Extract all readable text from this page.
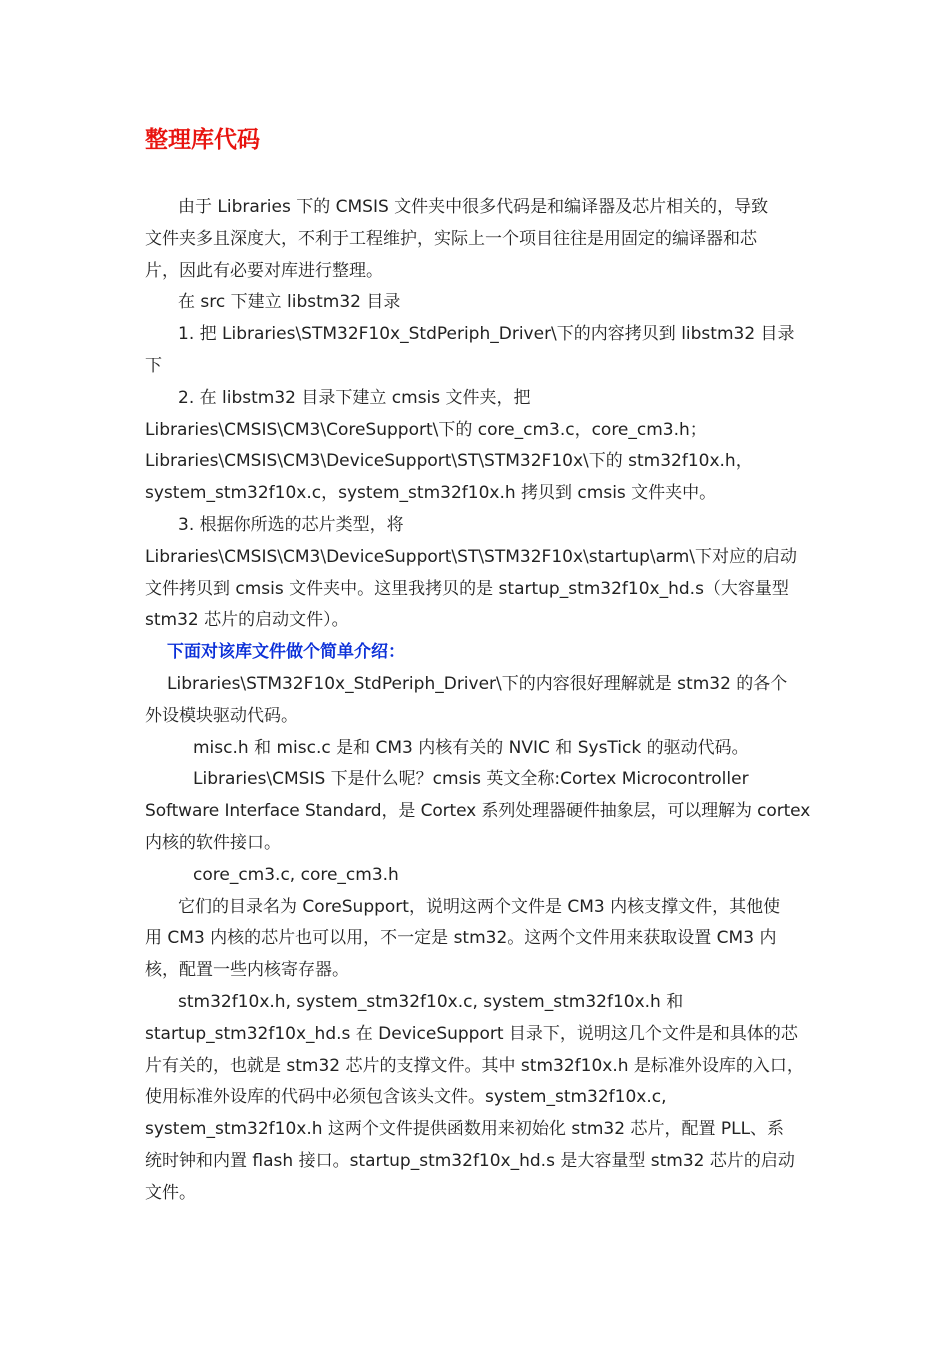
整理库代码
由于 Libraries 下的 CMSIS 文件夹中很多代码是和编译器及芯片相关的，导致
文件夹多且深度大，不利于工程维护，实际上一个项目往往是用固定的编译器和芯
片，因此有必要对库进行整理。
在 src 下建立 libstm32 目录
1. 把 Libraries\STM32F10x_StdPeriph_Driver\下的内容拷贝到 libstm32 目录
下
2. 在 libstm32 目录下建立 cmsis 文件夹，把
Libraries\CMSIS\CM3\CoreSupport\下的 core_cm3.c，core_cm3.h；
Libraries\CMSIS\CM3\DeviceSupport\ST\STM32F10x\下的 stm32f10x.h，
system_stm32f10x.c，system_stm32f10x.h 拷贝到 cmsis 文件夹中。
3. 根据你所选的芯片类型，将
Libraries\CMSIS\CM3\DeviceSupport\ST\STM32F10x\startup\arm\下对应的启动
文件拷贝到 cmsis 文件夹中。这里我拷贝的是 startup_stm32f10x_hd.s（大容量型
stm32 芯片的启动文件）。
下面对该库文件做个简单介绍：
Libraries\STM32F10x_StdPeriph_Driver\下的内容很好理解就是 stm32 的各个
外设模块驱动代码。
misc.h 和 misc.c 是和 CM3 内核有关的 NVIC 和 SysTick 的驱动代码。
Libraries\CMSIS 下是什么呢？cmsis 英文全称:Cortex Microcontroller
Software Interface Standard，是 Cortex 系列处理器硬件抽象层，可以理解为 cortex
内核的软件接口。
core_cm3.c, core_cm3.h
它们的目录名为 CoreSupport，说明这两个文件是 CM3 内核支撑文件，其他使
用 CM3 内核的芯片也可以用，不一定是 stm32。这两个文件用来获取设置 CM3 内
核，配置一些内核寄存器。
stm32f10x.h, system_stm32f10x.c, system_stm32f10x.h 和
startup_stm32f10x_hd.s 在 DeviceSupport 目录下，说明这几个文件是和具体的芯
片有关的，也就是 stm32 芯片的支撑文件。其中 stm32f10x.h 是标准外设库的入口，
使用标准外设库的代码中必须包含该头文件。system_stm32f10x.c,
system_stm32f10x.h 这两个文件提供函数用来初始化 stm32 芯片，配置 PLL、系
统时钟和内置 flash 接口。startup_stm32f10x_hd.s 是大容量型 stm32 芯片的启动
文件。
